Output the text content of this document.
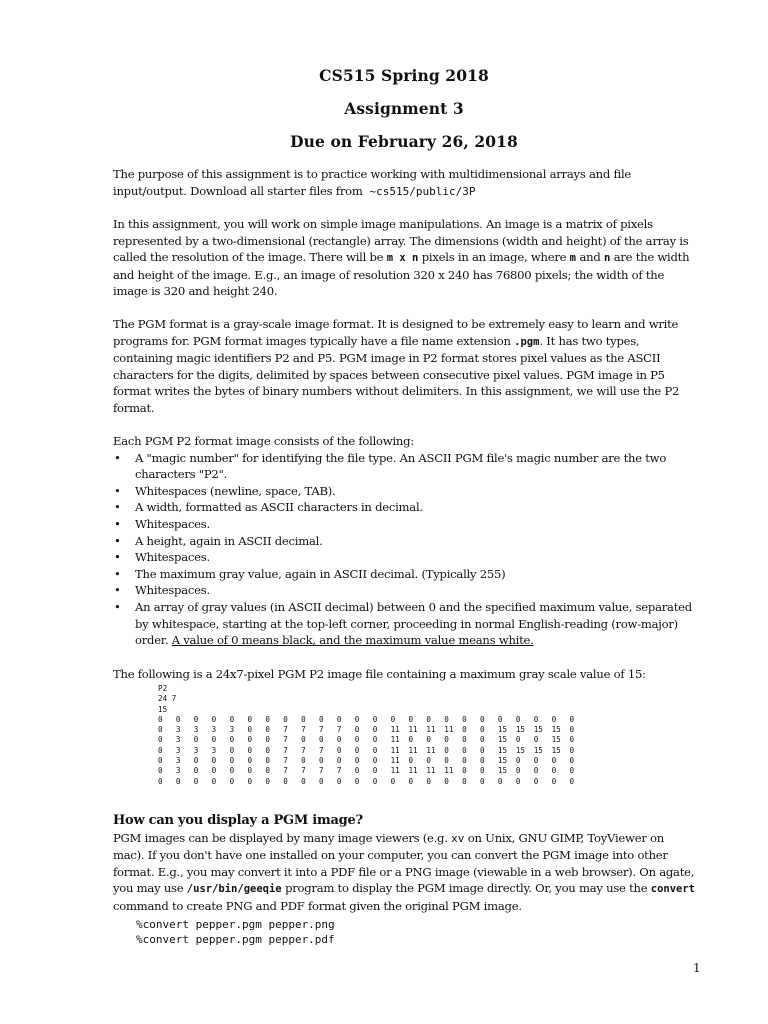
CS515 Spring 2018
Assignment 3
Due on February 26, 2018

The purpose of this assignment is to practice working with multidimensional arrays and file input/output. Download all starter files from ~cs515/public/3P

In this assignment, you will work on simple image manipulations. An image is a matrix of pixels represented by a two-dimensional (rectangle) array. The dimensions (width and height) of the array is called the resolution of the image. There will be m x n pixels in an image, where m and n are the width and height of the image. E.g., an image of resolution 320 x 240 has 76800 pixels; the width of the image is 320 and height 240.

The PGM format is a gray-scale image format. It is designed to be extremely easy to learn and write programs for. PGM format images typically have a file name extension .pgm. It has two types, containing magic identifiers P2 and P5. PGM image in P2 format stores pixel values as the ASCII characters for the digits, delimited by spaces between consecutive pixel values. PGM image in P5 format writes the bytes of binary numbers without delimiters. In this assignment, we will use the P2 format.

Each PGM P2 format image consists of the following:

• A "magic number" for identifying the file type. An ASCII PGM file's magic number are the two characters "P2".
• Whitespaces (newline, space, TAB).
• A width, formatted as ASCII characters in decimal.
• Whitespaces.
• A height, again in ASCII decimal.
• Whitespaces.
• The maximum gray value, again in ASCII decimal. (Typically 255)
• Whitespaces.
• An array of gray values (in ASCII decimal) between 0 and the specified maximum value, separated by whitespace, starting at the top-left corner, proceeding in normal English-reading (row-major) order. A value of 0 means black, and the maximum value means white.
The following is a 24x7-pixel PGM P2 image file containing a maximum gray scale value of 15:
P2
24 7
15
0	0	0	0	0	0	0	0	0	0	0	0	0	0	0	0	0	0	0	0	0	0	0	0
0	3	3	3	3	0	0	7	7	7	7	0	0	11	11	11	11	0	0	15	15	15	15	0
0	3	0	0	0	0	0	7	0	0	0	0	0	11	0	0	0	0	0	15	0	0	15	0
0	3	3	3	0	0	0	7	7	7	0	0	0	11	11	11	0	0	0	15	15	15	15	0
0	3	0	0	0	0	0	7	0	0	0	0	0	11	0	0	0	0	0	15	0	0	0	0
0	3	0	0	0	0	0	7	7	7	7	0	0	11	11	11	11	0	0	15	0	0	0	0
0	0	0	0	0	0	0	0	0	0	0	0	0	0	0	0	0	0	0	0	0	0	0	0

How can you display a PGM image?

PGM images can be displayed by many image viewers (e.g. xv on Unix, GNU GIMP, ToyViewer on mac). If you don't have one installed on your computer, you can convert the PGM image into other format. E.g., you may convert it into a PDF file or a PNG image (viewable in a web browser). On agate, you may use /usr/bin/geeqie program to display the PGM image directly. Or, you may use the convert command to create PNG and PDF format given the original PGM image.

%convert pepper.pgm pepper.png
%convert pepper.pgm pepper.pdf
1
